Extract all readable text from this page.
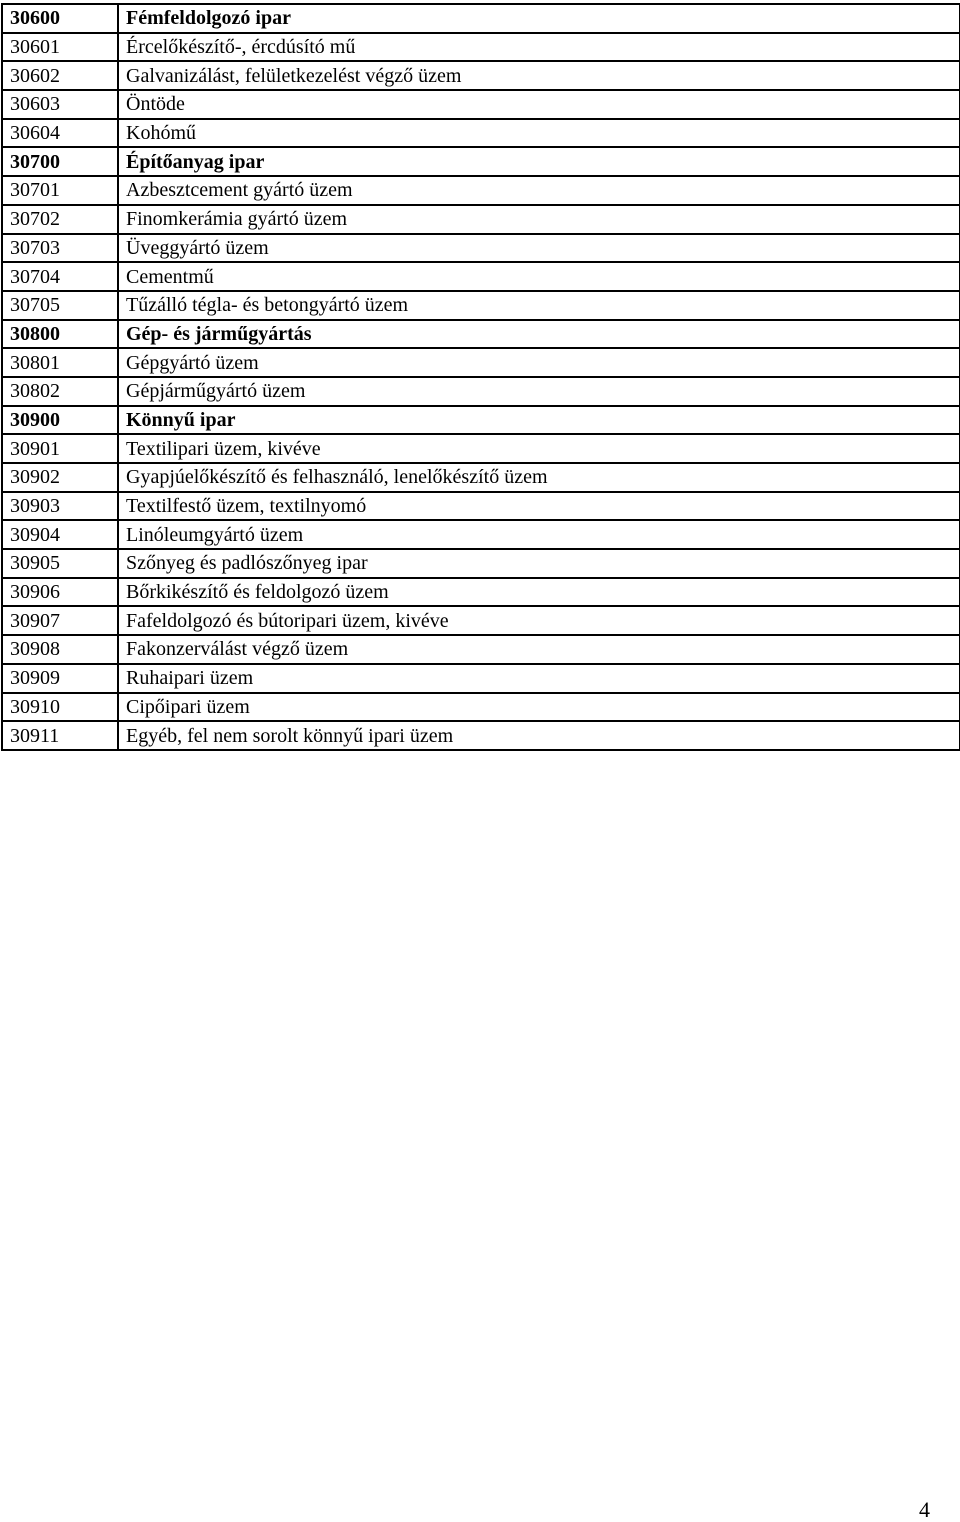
30600	Fémfeldolgozó ipar
30601	Ércelőkészítő-, ércdúsító mű
30602	Galvanizálást, felületkezelést végző üzem
30603	Öntöde
30604	Kohómű
30700	Építőanyag ipar
30701	Azbesztcement gyártó üzem
30702	Finomkerámia gyártó üzem
30703	Üveggyártó üzem
30704	Cementmű
30705	Tűzálló tégla- és betongyártó üzem
30800	Gép- és járműgyártás
30801	Gépgyártó üzem
30802	Gépjárműgyártó üzem
30900	Könnyű ipar
30901	Textilipari üzem, kivéve
30902	Gyapjúelőkészítő és felhasználó, lenelőkészítő üzem
30903	Textilfestő üzem, textilnyomó
30904	Linóleumgyártó üzem
30905	Szőnyeg és padlószőnyeg ipar
30906	Bőrkikészítő és feldolgozó üzem
30907	Fafeldolgozó és bútoripari üzem, kivéve
30908	Fakonzerválást végző üzem
30909	Ruhaipari üzem
30910	Cipőipari üzem
30911	Egyéb, fel nem sorolt könnyű ipari üzem
4
